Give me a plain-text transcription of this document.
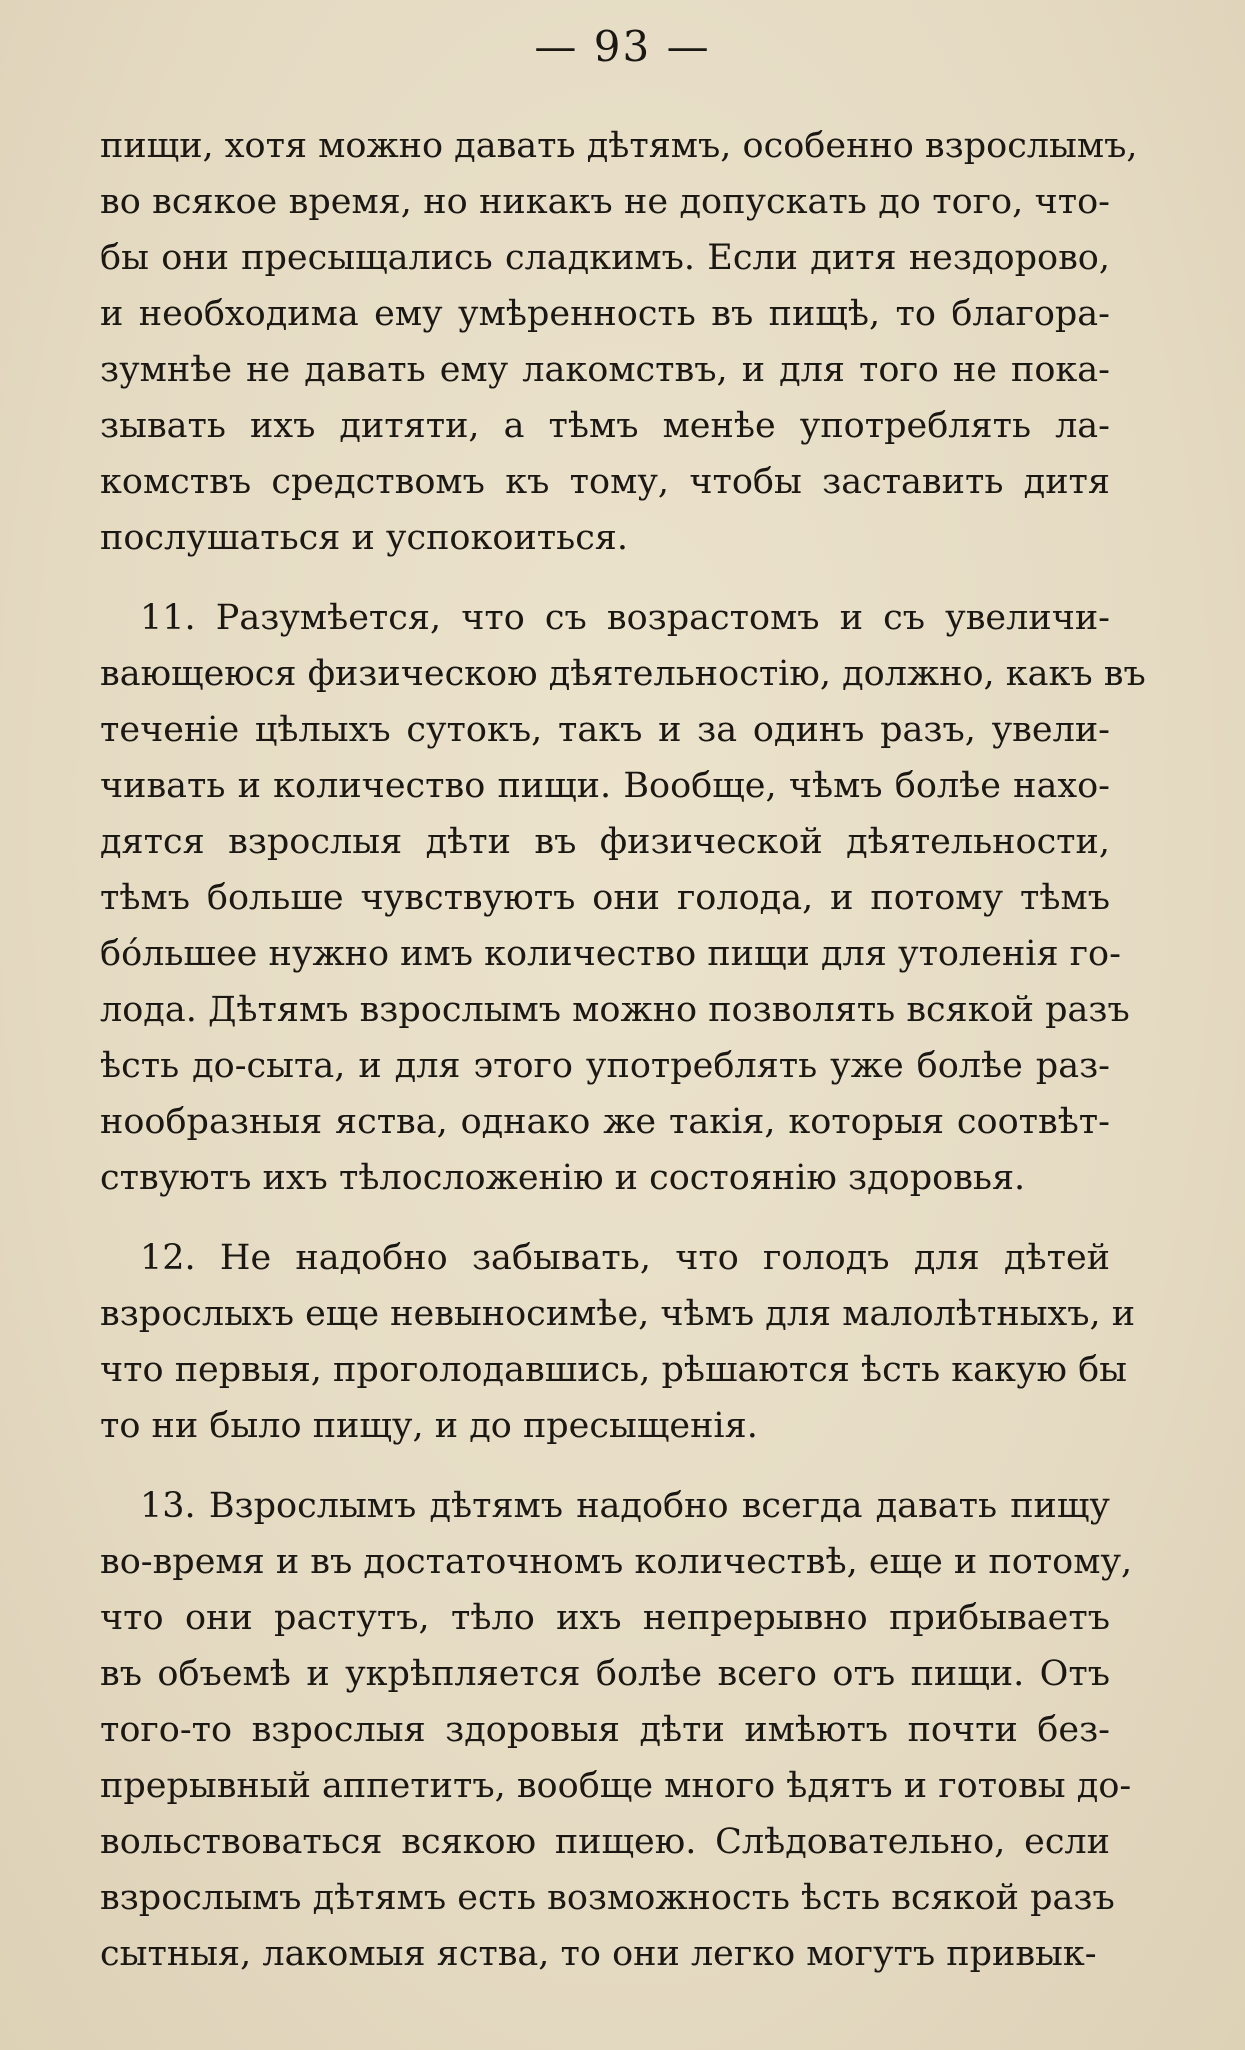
— 93 —
пищи, хотя можно давать дѣтямъ, особенно взрослымъ,
во всякое время, но никакъ не допускать до того, что-
бы они пресыщались сладкимъ. Если дитя нездорово,
и необходима ему умѣренность въ пищѣ, то благора-
зумнѣе не давать ему лакомствъ, и для того не пока-
зывать ихъ дитяти, а тѣмъ менѣе употреблять ла-
комствъ средствомъ къ тому, чтобы заставить дитя
послушаться и успокоиться.
11. Разумѣется, что съ возрастомъ и съ увеличи-
вающеюся физическою дѣятельностію, должно, какъ въ
теченіе цѣлыхъ сутокъ, такъ и за одинъ разъ, увели-
чивать и количество пищи. Вообще, чѣмъ болѣе нахо-
дятся взрослыя дѣти въ физической дѣятельности,
тѣмъ больше чувствуютъ они голода, и потому тѣмъ
бóльшее нужно имъ количество пищи для утоленія го-
лода. Дѣтямъ взрослымъ можно позволять всякой разъ
ѣсть до-сыта, и для этого употреблять уже болѣе раз-
нообразныя яства, однако же такія, которыя соотвѣт-
ствуютъ ихъ тѣлосложенію и состоянію здоровья.
12. Не надобно забывать, что голодъ для дѣтей
взрослыхъ еще невыносимѣе, чѣмъ для малолѣтныхъ, и
что первыя, проголодавшись, рѣшаются ѣсть какую бы
то ни было пищу, и до пресыщенія.
13. Взрослымъ дѣтямъ надобно всегда давать пищу
во-время и въ достаточномъ количествѣ, еще и потому,
что они растутъ, тѣло ихъ непрерывно прибываетъ
въ объемѣ и укрѣпляется болѣе всего отъ пищи. Отъ
того-то взрослыя здоровыя дѣти имѣютъ почти без-
прерывный аппетитъ, вообще много ѣдятъ и готовы до-
вольствоваться всякою пищею. Слѣдовательно, если
взрослымъ дѣтямъ есть возможность ѣсть всякой разъ
сытныя, лакомыя яства, то они легко могутъ привык-
